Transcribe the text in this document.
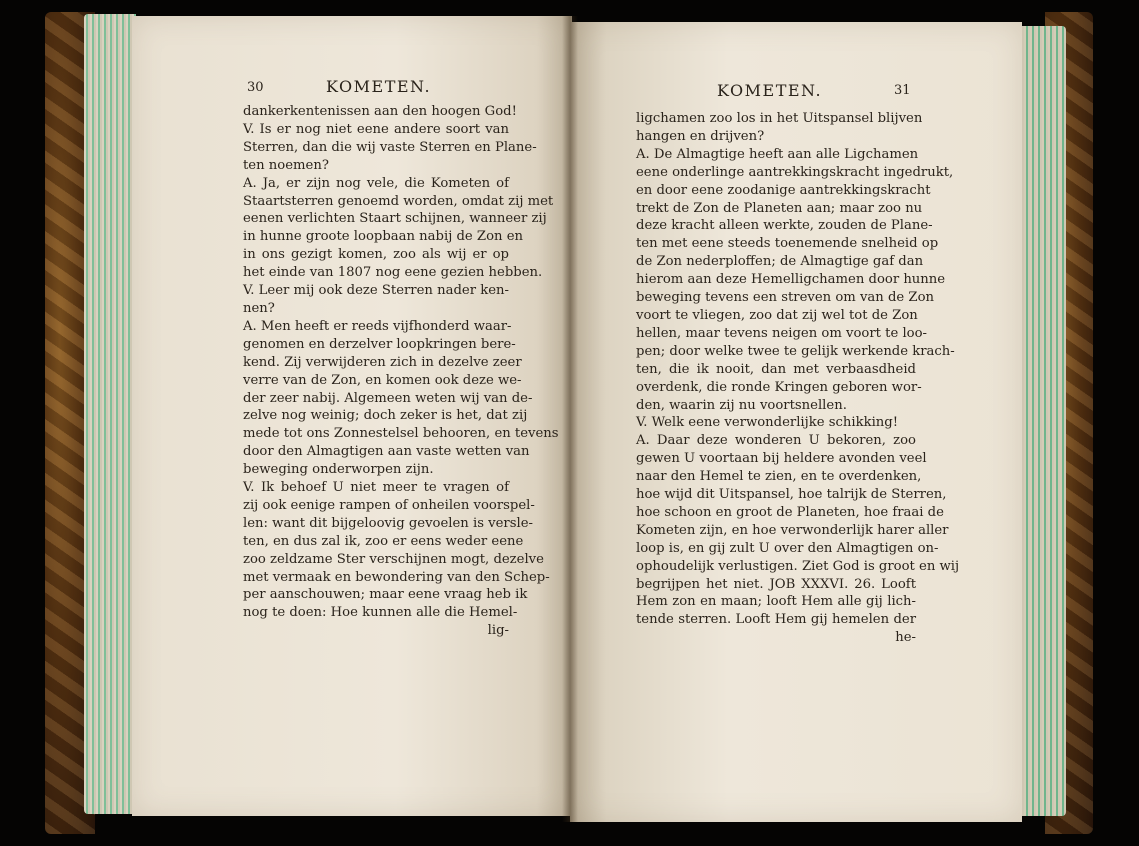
30	KOMETEN.	KOMETEN.	31

dankerkentenissen aan den hoogen God!

V. Is er nog niet eene andere soort van

Sterren, dan die wij vaste Sterren en Plane-

ten noemen?

A. Ja, er zijn nog vele, die Kometen of

Staartsterren genoemd worden, omdat zij met

eenen verlichten Staart schijnen, wanneer zij

in hunne groote loopbaan nabij de Zon en

in ons gezigt komen, zoo als wij er op

het einde van 1807 nog eene gezien hebben.

V. Leer mij ook deze Sterren nader ken-

nen?

A. Men heeft er reeds vijfhonderd waar-

genomen en derzelver loopkringen bere-

kend. Zij verwijderen zich in dezelve zeer

verre van de Zon, en komen ook deze we-

der zeer nabij. Algemeen weten wij van de-

zelve nog weinig; doch zeker is het, dat zij

mede tot ons Zonnestelsel behooren, en tevens

door den Almagtigen aan vaste wetten van

beweging onderworpen zijn.

V. Ik behoef U niet meer te vragen of

zij ook eenige rampen of onheilen voorspel-

len: want dit bijgeloovig gevoelen is versle-

ten, en dus zal ik, zoo er eens weder eene

zoo zeldzame Ster verschijnen mogt, dezelve

met vermaak en bewondering van den Schep-

per aanschouwen; maar eene vraag heb ik

nog te doen: Hoe kunnen alle die Hemel-

lig-

ligchamen zoo los in het Uitspansel blijven

hangen en drijven?

A. De Almagtige heeft aan alle Ligchamen

eene onderlinge aantrekkingskracht ingedrukt,

en door eene zoodanige aantrekkingskracht

trekt de Zon de Planeten aan; maar zoo nu

deze kracht alleen werkte, zouden de Plane-

ten met eene steeds toenemende snelheid op

de Zon nederploffen; de Almagtige gaf dan

hierom aan deze Hemelligchamen door hunne

beweging tevens een streven om van de Zon

voort te vliegen, zoo dat zij wel tot de Zon

hellen, maar tevens neigen om voort te loo-

pen; door welke twee te gelijk werkende krach-

ten, die ik nooit, dan met verbaasdheid

overdenk, die ronde Kringen geboren wor-

den, waarin zij nu voortsnellen.

V. Welk eene verwonderlijke schikking!

A. Daar deze wonderen U bekoren, zoo

gewen U voortaan bij heldere avonden veel

naar den Hemel te zien, en te overdenken,

hoe wijd dit Uitspansel, hoe talrijk de Sterren,

hoe schoon en groot de Planeten, hoe fraai de

Kometen zijn, en hoe verwonderlijk harer aller

loop is, en gij zult U over den Almagtigen on-

ophoudelijk verlustigen. Ziet God is groot en wij

begrijpen het niet. JOB XXXVI. 26. Looft

Hem zon en maan; looft Hem alle gij lich-

tende sterren. Looft Hem gij hemelen der

he-
